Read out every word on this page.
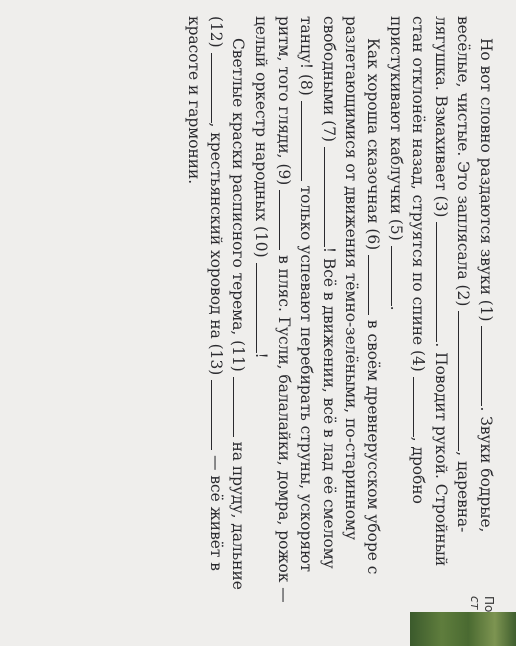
Но вот словно раздаются звуки (1) . Звуки бодрые, весёлые, чистые. Это заплясала (2) , царевна-лягушка. Взмахивает (3) . Поводит рукой. Стройный стан отклонён назад, струятся по спине (4) , дробно пристукивают каблучки (5) .

Как хороша сказочная (6)  в своём древнерусском уборе с разлетающимися от движения тёмно-зелёными, по-старинному свободными (7) ! Всё в движении, всё в лад её смелому танцу! (8)  только успевают перебирать струны, ускоряют ритм, того гляди, (9)  в пляс. Гусли, балалайки, домра, рожок — целый оркестр народных (10) !

Светлые краски расписного терема, (11)  на пруду, дальние (12) , крестьянский хоровод на (13)  — всё живёт в красоте и гармонии.

По
ст
